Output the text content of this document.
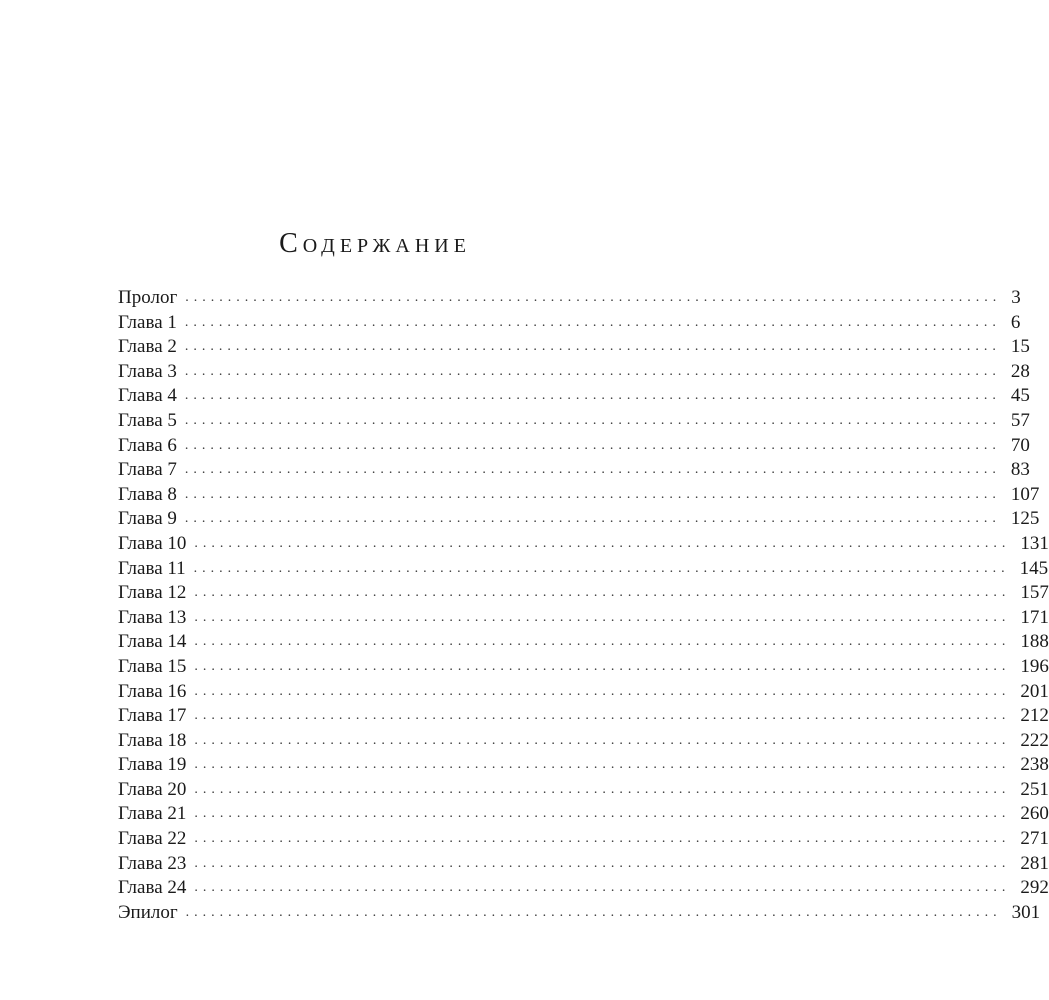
Содержание
Пролог ................................................................................................ 3
Глава 1 ................................................................................................ 6
Глава 2 ................................................................................................ 15
Глава 3 ................................................................................................ 28
Глава 4 ................................................................................................ 45
Глава 5 ................................................................................................ 57
Глава 6 ................................................................................................ 70
Глава 7 ................................................................................................ 83
Глава 8 ................................................................................................ 107
Глава 9 ................................................................................................ 125
Глава 10 ................................................................................................ 131
Глава 11 ................................................................................................ 145
Глава 12 ................................................................................................ 157
Глава 13 ................................................................................................ 171
Глава 14 ................................................................................................ 188
Глава 15 ................................................................................................ 196
Глава 16 ................................................................................................ 201
Глава 17 ................................................................................................ 212
Глава 18 ................................................................................................ 222
Глава 19 ................................................................................................ 238
Глава 20 ................................................................................................ 251
Глава 21 ................................................................................................ 260
Глава 22 ................................................................................................ 271
Глава 23 ................................................................................................ 281
Глава 24 ................................................................................................ 292
Эпилог ................................................................................................ 301
